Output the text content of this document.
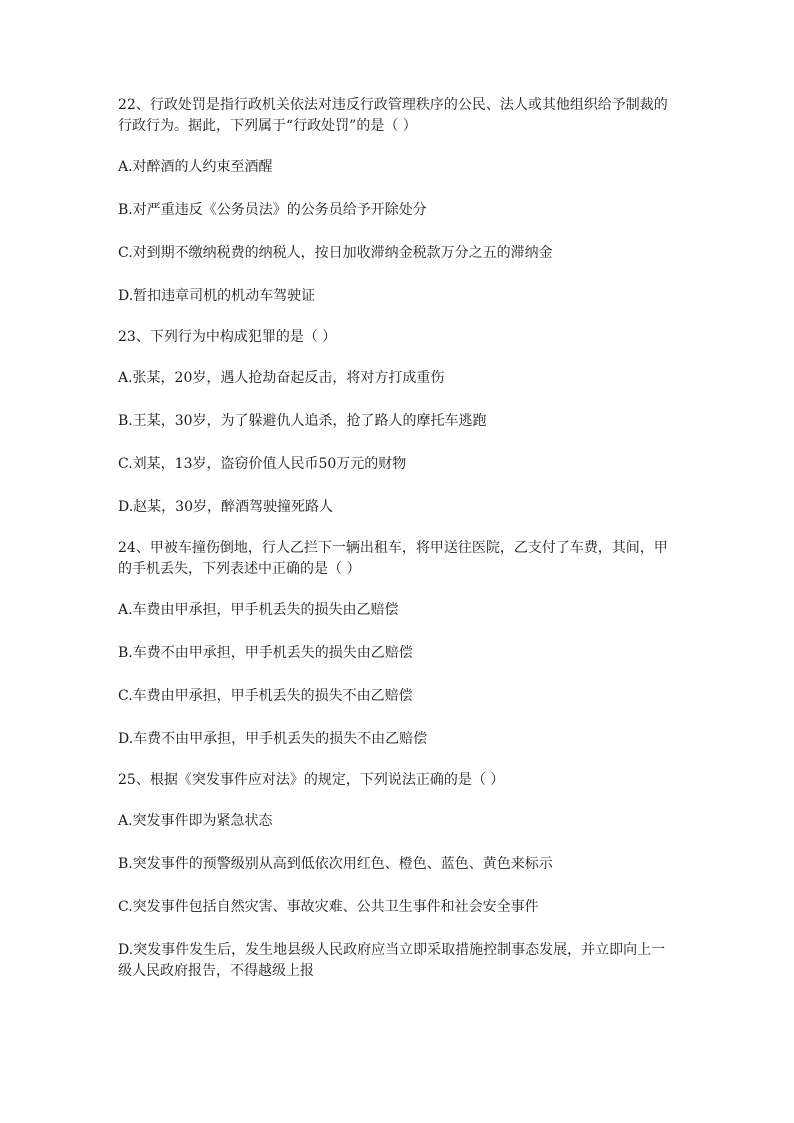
22、行政处罚是指行政机关依法对违反行政管理秩序的公民、法人或其他组织给予制裁的行政行为。据此，下列属于“行政处罚”的是（ ）

A.对醉酒的人约束至酒醒

B.对严重违反《公务员法》的公务员给予开除处分

C.对到期不缴纳税费的纳税人，按日加收滞纳金税款万分之五的滞纳金

D.暂扣违章司机的机动车驾驶证

23、下列行为中构成犯罪的是（ ）

A.张某，20岁，遇人抢劫奋起反击，将对方打成重伤

B.王某，30岁，为了躲避仇人追杀，抢了路人的摩托车逃跑

C.刘某，13岁，盗窃价值人民币50万元的财物

D.赵某，30岁，醉酒驾驶撞死路人

24、甲被车撞伤倒地，行人乙拦下一辆出租车，将甲送往医院，乙支付了车费，其间，甲的手机丢失，下列表述中正确的是（ ）

A.车费由甲承担，甲手机丢失的损失由乙赔偿

B.车费不由甲承担，甲手机丢失的损失由乙赔偿

C.车费由甲承担，甲手机丢失的损失不由乙赔偿

D.车费不由甲承担，甲手机丢失的损失不由乙赔偿

25、根据《突发事件应对法》的规定，下列说法正确的是（ ）

A.突发事件即为紧急状态

B.突发事件的预警级别从高到低依次用红色、橙色、蓝色、黄色来标示

C.突发事件包括自然灾害、事故灾难、公共卫生事件和社会安全事件

D.突发事件发生后，发生地县级人民政府应当立即采取措施控制事态发展，并立即向上一级人民政府报告，不得越级上报
